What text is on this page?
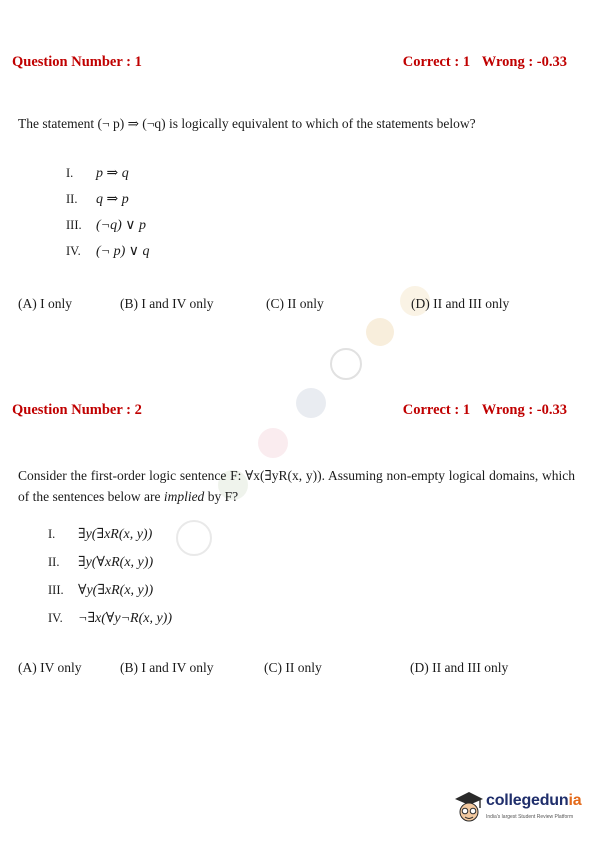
Question Number : 1	Correct : 1 Wrong : -0.33
The statement (¬ p) ⇒ (¬q) is logically equivalent to which of the statements below?
I.	p ⇒ q
II.	q ⇒ p
III.	(¬q) ∨ p
IV.	(¬ p) ∨ q
(A) I only	(B) I and IV only	(C) II only	(D) II and III only
Question Number : 2	Correct : 1 Wrong : -0.33
Consider the first-order logic sentence F: ∀x(∃yR(x, y)). Assuming non-empty logical domains, which of the sentences below are implied by F?
I.	∃y(∃xR(x, y))
II.	∃y(∀xR(x, y))
III.	∀y(∃xR(x, y))
IV.	¬∃x(∀y¬R(x, y))
(A) IV only	(B) I and IV only	(C) II only	(D) II and III only
collegedunia
India's largest Student Review Platform
